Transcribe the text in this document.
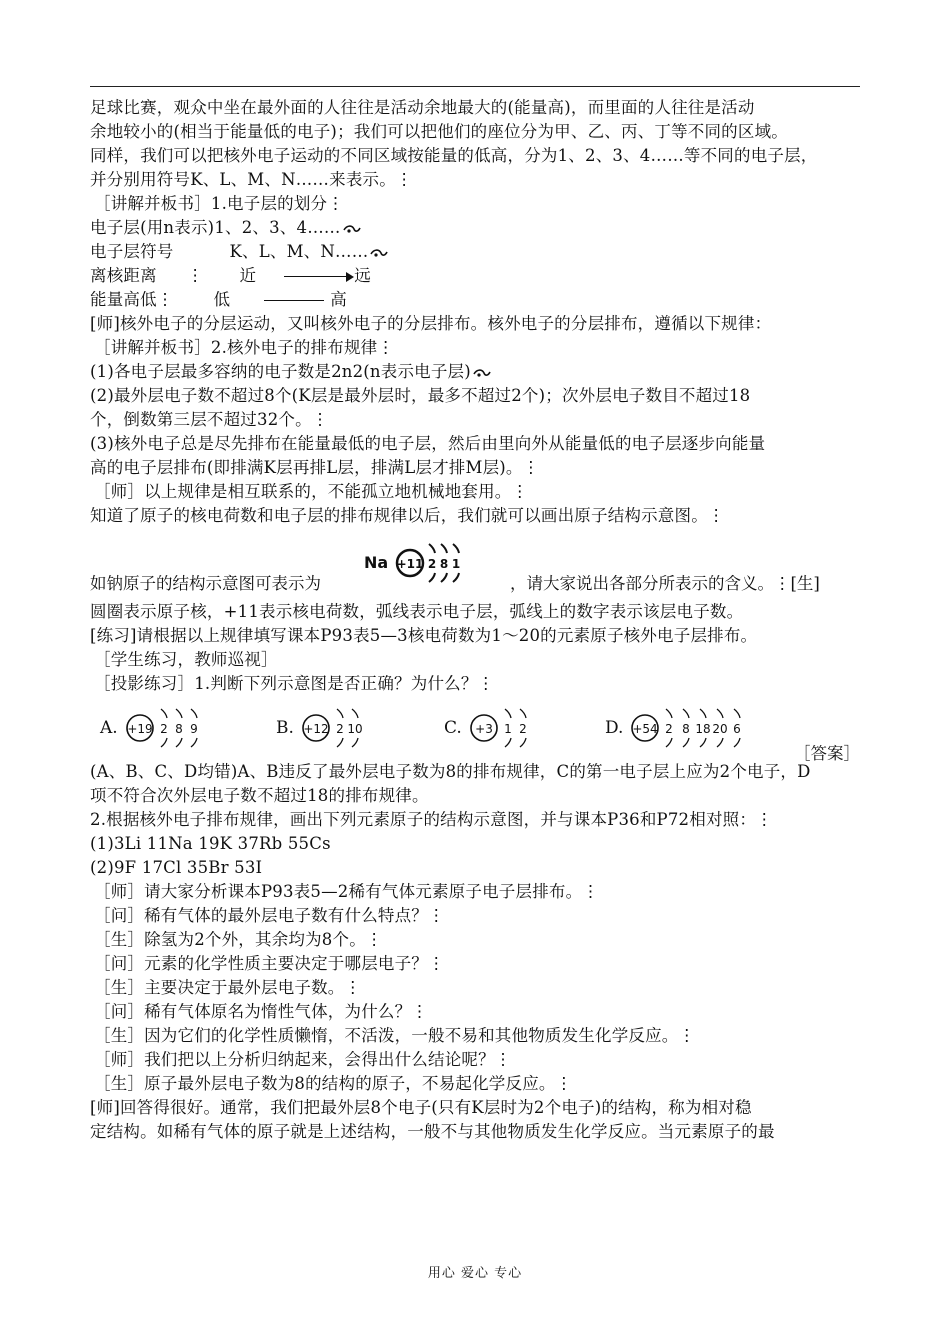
足球比赛，观众中坐在最外面的人往往是活动余地最大的(能量高)，而里面的人往往是活动
余地较小的(相当于能量低的电子)；我们可以把他们的座位分为甲、乙、丙、丁等不同的区域。
同样，我们可以把核外电子运动的不同区域按能量的低高，分为1、2、3、4……等不同的电子层，
并分别用符号K、L、M、N……来表示。⋮
［讲解并板书］1.电子层的划分⋮
电子层(用n表示)1、2、3、4……
电子层符号	K、L、M、N……
离核距离 ⋮ 近	远
能量高低⋮ 低	高
[师]核外电子的分层运动，又叫核外电子的分层排布。核外电子的分层排布，遵循以下规律：
［讲解并板书］2.核外电子的排布规律⋮
(1)各电子层最多容纳的电子数是2n2(n表示电子层)
(2)最外层电子数不超过8个(K层是最外层时，最多不超过2个)；次外层电子数目不超过18
个，倒数第三层不超过32个。⋮
(3)核外电子总是尽先排布在能量最低的电子层，然后由里向外从能量低的电子层逐步向能量
高的电子层排布(即排满K层再排L层，排满L层才排M层)。⋮
［师］以上规律是相互联系的，不能孤立地机械地套用。⋮
知道了原子的核电荷数和电子层的排布规律以后，我们就可以画出原子结构示意图。⋮
如钠原子的结构示意图可表示为
Na +11 2 8 1
，请大家说出各部分所表示的含义。⋮[生]
圆圈表示原子核，+11表示核电荷数，弧线表示电子层，弧线上的数字表示该层电子数。
[练习]请根据以上规律填写课本P93表5—3核电荷数为1～20的元素原子核外电子层排布。
［学生练习，教师巡视］
［投影练习］1.判断下列示意图是否正确？为什么？⋮
A. +19 2 8 9	B. +12 2 10	C. +3 1 2	D. +54 2 8 18 20 6
［答案］
(A、B、C、D均错)A、B违反了最外层电子数为8的排布规律，C的第一电子层上应为2个电子，D
项不符合次外层电子数不超过18的排布规律。
2.根据核外电子排布规律，画出下列元素原子的结构示意图，并与课本P36和P72相对照：⋮
(1)3Li 11Na 19K 37Rb 55Cs
(2)9F 17Cl 35Br 53I
［师］请大家分析课本P93表5—2稀有气体元素原子电子层排布。⋮
［问］稀有气体的最外层电子数有什么特点？⋮
［生］除氢为2个外，其余均为8个。⋮
［问］元素的化学性质主要决定于哪层电子？⋮
［生］主要决定于最外层电子数。⋮
［问］稀有气体原名为惰性气体，为什么？⋮
［生］因为它们的化学性质懒惰，不活泼，一般不易和其他物质发生化学反应。⋮
［师］我们把以上分析归纳起来，会得出什么结论呢？⋮
［生］原子最外层电子数为8的结构的原子，不易起化学反应。⋮
[师]回答得很好。通常，我们把最外层8个电子(只有K层时为2个电子)的结构，称为相对稳
定结构。如稀有气体的原子就是上述结构，一般不与其他物质发生化学反应。当元素原子的最
用心 爱心 专心
